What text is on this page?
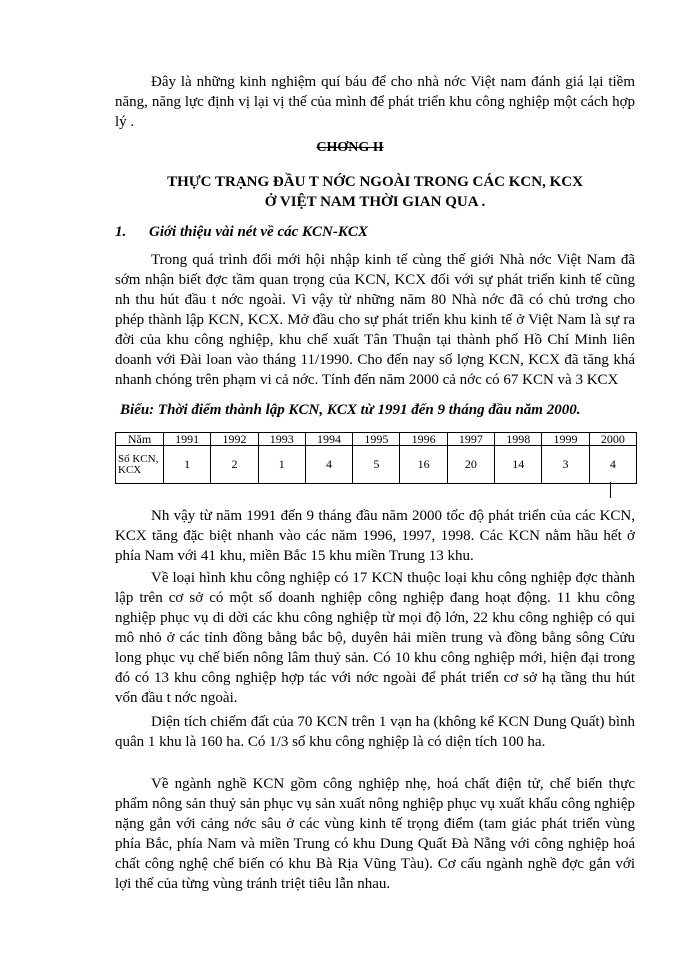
Đây là những kinh nghiệm quí báu để cho nhà nớc Việt nam đánh giá lại tiềm năng, năng lực định vị lại vị thế của mình để phát triển khu công nghiệp một cách hợp lý .

CHƠNG II
THỰC TRẠNG ĐẦU T NỚC NGOÀI TRONG CÁC KCN, KCX
Ở VIỆT NAM THỜI GIAN QUA .
1. Giới thiệu vài nét về các KCN-KCX

Trong quá trình đổi mới hội nhập kinh tế cùng thế giới Nhà nớc Việt Nam đã sớm nhận biết đợc tầm quan trọng của KCN, KCX đối với sự phát triển kinh tế cũng nh thu hút đầu t nớc ngoài. Vì vậy từ những năm 80 Nhà nớc đã có chủ trơng cho phép thành lập KCN, KCX. Mở đầu cho sự phát triển khu kinh tế ở Việt Nam là sự ra đời của khu công nghiệp, khu chế xuất Tân Thuận tại thành phố Hồ Chí Minh liên doanh với Đài loan vào tháng 11/1990. Cho đến nay số lợng KCN, KCX đã tăng khá nhanh chóng trên phạm vi cả nớc. Tính đến năm 2000 cả nớc có 67 KCN và 3 KCX

Biểu: Thời điểm thành lập KCN, KCX từ 1991 đến 9 tháng đầu năm 2000.
Năm	1991	1992	1993	1994	1995	1996	1997	1998	1999	2000
Số KCN, KCX	1	2	1	4	5	16	20	14	3	4

Nh vậy từ năm 1991 đến 9 tháng đầu năm 2000 tốc độ phát triển của các KCN, KCX tăng đặc biệt nhanh vào các năm 1996, 1997, 1998. Các KCN nằm hầu hết ở phía Nam với 41 khu, miền Bắc 15 khu miền Trung 13 khu.

Về loại hình khu công nghiệp có 17 KCN thuộc loại khu công nghiệp đợc thành lập trên cơ sở có một số doanh nghiệp công nghiệp đang hoạt động. 11 khu công nghiệp phục vụ di dời các khu công nghiệp từ mọi độ lớn, 22 khu công nghiệp có qui mô nhỏ ở các tỉnh đồng bằng bắc bộ, duyên hải miền trung và đồng bằng sông Cửu long phục vụ chế biến nông lâm thuỷ sản. Có 10 khu công nghiệp mới, hiện đại trong đó có 13 khu công nghiệp hợp tác với nớc ngoài để phát triển cơ sở hạ tầng thu hút vốn đầu t nớc ngoài.

Diện tích chiếm đất của 70 KCN trên 1 vạn ha (không kể KCN Dung Quất) bình quân 1 khu là 160 ha. Có 1/3 số khu công nghiệp là có diện tích 100 ha.

Về ngành nghề KCN gồm công nghiệp nhẹ, hoá chất điện tử, chế biến thực phẩm nông sản thuỷ sản phục vụ sản xuất nông nghiệp phục vụ xuất khẩu công nghiệp nặng gắn với cảng nớc sâu ở các vùng kinh tế trọng điểm (tam giác phát triển vùng phía Bắc, phía Nam và miền Trung có khu Dung Quất Đà Nẵng với công nghiệp hoá chất công nghệ chế biến có khu Bà Rịa Vũng Tàu). Cơ cấu ngành nghề đợc gắn với lợi thế của từng vùng tránh triệt tiêu lẫn nhau.
